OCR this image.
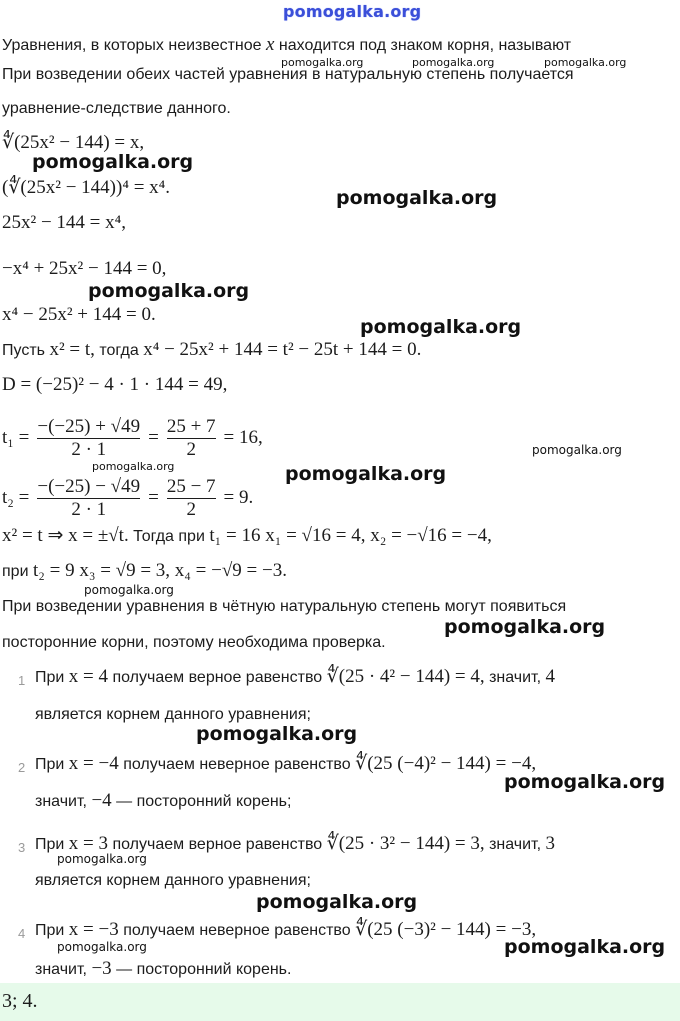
pomogalka.org
Уравнения, в которых неизвестное x находится под знаком корня, называют
При возведении обеих частей уравнения в натуральную степень получается
уравнение-следствие данного.
pomogalka.org	pomogalka.org	pomogalka.org
∜(25x² − 144) = x,
pomogalka.org
(∜(25x² − 144))⁴ = x⁴.	pomogalka.org
25x² − 144 = x⁴,
−x⁴ + 25x² − 144 = 0,
pomogalka.org
x⁴ − 25x² + 144 = 0.
pomogalka.org
Пусть x² = t, тогда x⁴ − 25x² + 144 = t² − 25t + 144 = 0.
D = (−25)² − 4 · 1 · 144 = 49,
$t_1 = \frac{-(-25) + √49}{2 \cdot 1} = \frac{25 + 7}{2} = 16$,
pomogalka.org
pomogalka.org
$t_2 = \frac{-(-25) - √49}{2 \cdot 1} = \frac{25 - 7}{2} = 9$.
pomogalka.org
x² = t ⇒ x = ±√t. Тогда при t₁ = 16 x₁ = √16 = 4, x₂ = −√16 = −4,
при t₂ = 9 x₃ = √9 = 3, x₄ = −√9 = −3.
pomogalka.org
При возведении уравнения в чётную натуральную степень могут появиться
посторонние корни, поэтому необходима проверка.
pomogalka.org
1 При x = 4 получаем верное равенство ∜(25 · 4² − 144) = 4, значит, 4
является корнем данного уравнения;
pomogalka.org
2 При x = −4 получаем неверное равенство ∜(25 (−4)² − 144) = −4,
значит, −4 — посторонний корень;
pomogalka.org
3 При x = 3 получаем верное равенство ∜(25 · 3² − 144) = 3, значит, 3
pomogalka.org
является корнем данного уравнения;
pomogalka.org
4 При x = −3 получаем неверное равенство ∜(25 (−3)² − 144) = −3,
pomogalka.org
значит, −3 — посторонний корень.
pomogalka.org
3; 4.
